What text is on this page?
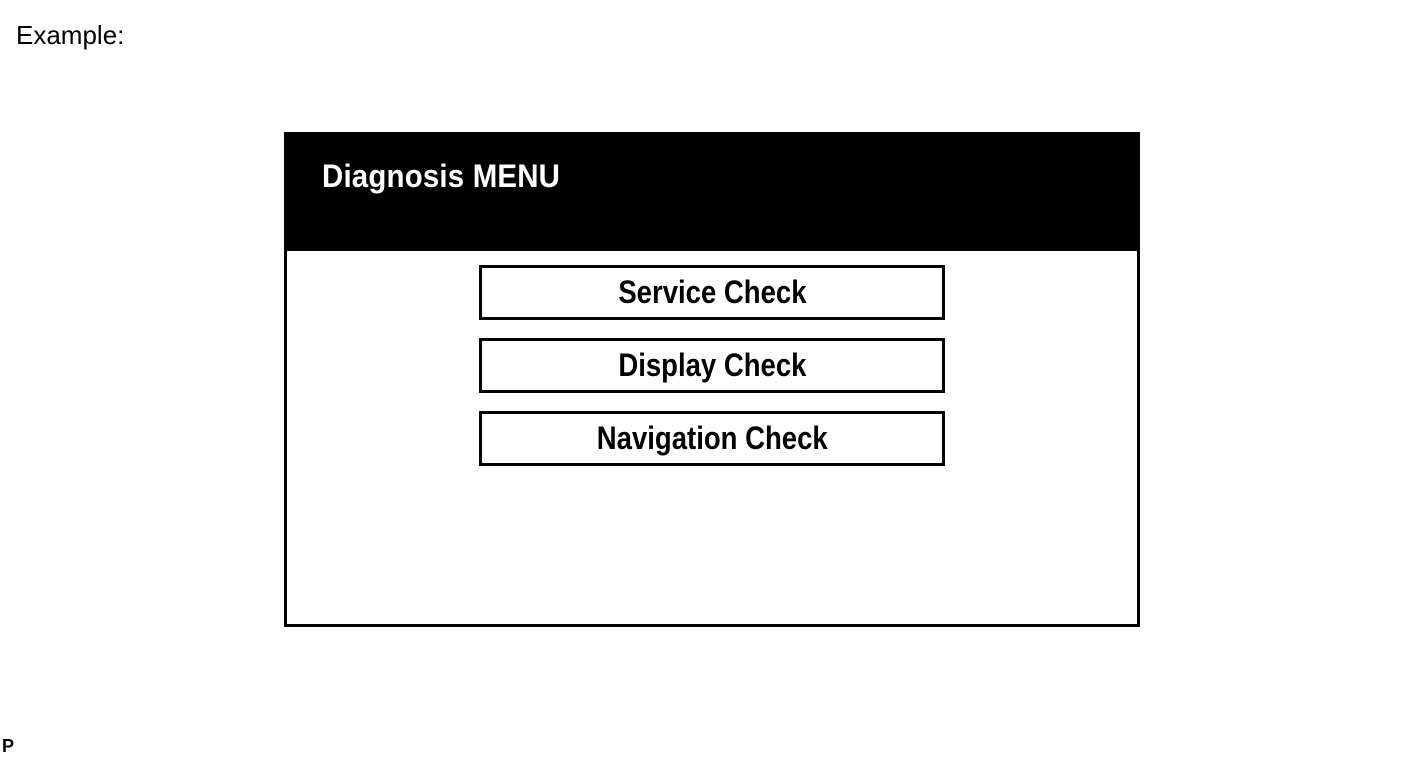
Example:
Diagnosis MENU
Service Check
Display Check
Navigation Check
P
